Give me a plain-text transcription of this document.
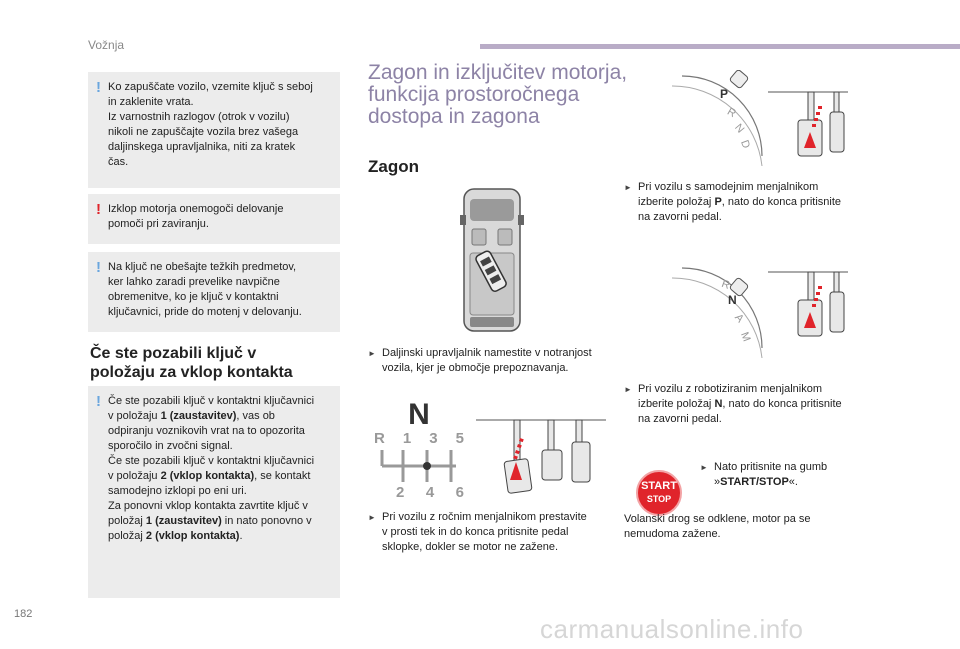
Vožnja
182	carmanualsonline.info
! Ko zapuščate vozilo, vzemite ključ s seboj
in zaklenite vrata.
Iz varnostnih razlogov (otrok v vozilu)
nikoli ne zapuščajte vozila brez vašega
daljinskega upravljalnika, niti za kratek
čas.
! Izklop motorja onemogoči delovanje
pomoči pri zaviranju.
! Na ključ ne obešajte težkih predmetov,
ker lahko zaradi prevelike navpične
obremenitve, ko je ključ v kontaktni
ključavnici, pride do motenj v delovanju.
Če ste pozabili ključ v
položaju za vklop kontakta
! Če ste pozabili ključ v kontaktni ključavnici
v položaju 1 (zaustavitev), vas ob
odpiranju voznikovih vrat na to opozorita
sporočilo in zvočni signal.
Če ste pozabili ključ v kontaktni ključavnici
v položaju 2 (vklop kontakta), se kontakt
samodejno izklopi po eni uri.
Za ponovni vklop kontakta zavrtite ključ v
položaj 1 (zaustavitev) in nato ponovno v
položaj 2 (vklop kontakta).
Zagon in izključitev motorja,
funkcija prostoročnega
dostopa in zagona
Zagon
► Daljinski upravljalnik namestite v notranjost
vozila, kjer je območje prepoznavanja.
N
R 1 3 5
2 4 6
► Pri vozilu z ročnim menjalnikom prestavite
v prosti tek in do konca pritisnite pedal
sklopke, dokler se motor ne zažene.
P
R
N
D
► Pri vozilu s samodejnim menjalnikom
izberite položaj P, nato do konca pritisnite
na zavorni pedal.
R
N
A
M
► Pri vozilu z robotiziranim menjalnikom
izberite položaj N, nato do konca pritisnite
na zavorni pedal.
START
STOP
► Nato pritisnite na gumb
»START/STOP«.
Volanski drog se odklene, motor pa se
nemudoma zažene.
